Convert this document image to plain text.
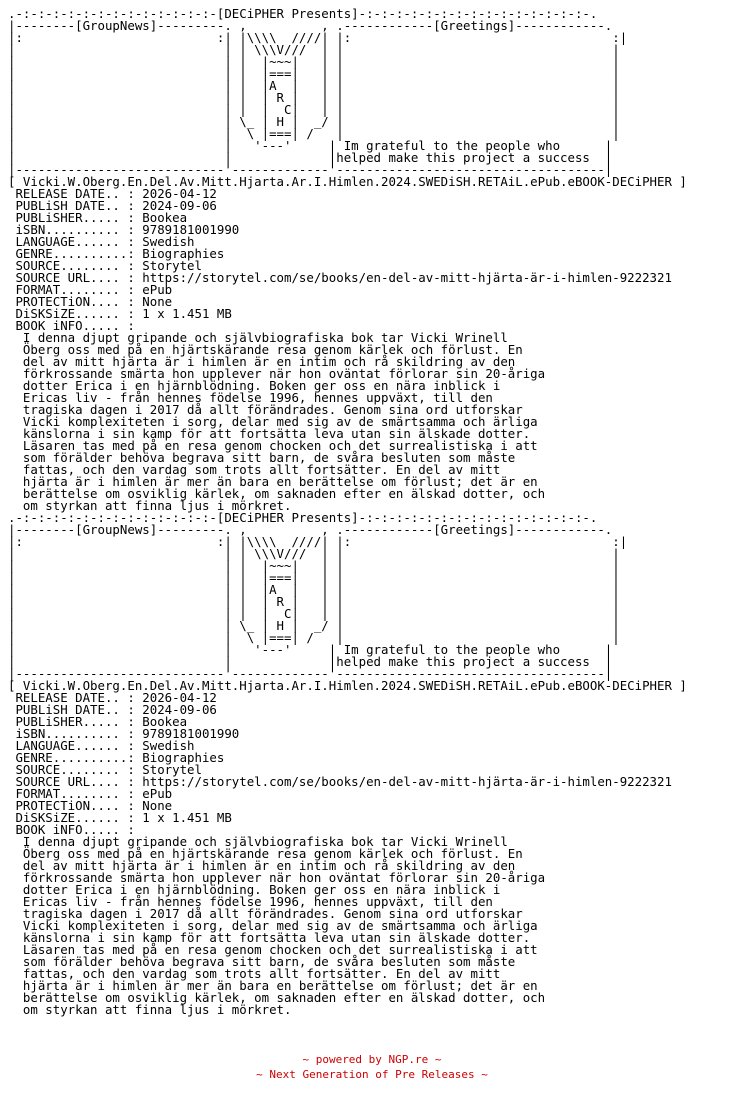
.-:-:-:-:-:-:-:-:-:-:-:-:-:-[DECiPHER Presents]-:-:-:-:-:-:-:-:-:-:-:-:-:-:-:-.
|--------[GroupNews]---------. ,          , .------------[Greetings]------------.
|:                          :| |\\\\  ////| |:                                   :|
|                            | | \\\V///  | |                                    |
|                            | |  |~~~|   | |                                    |
|                            | |  |===|   | |                                    |
|                            | |  |A  |   | |                                    |
|                            | |  | R |   | |                                    |
|                            | |  |  C|   | |                                    |
|                            | \_ | H |  _/ |                                    |
|                            |  \ |===| /   |                                    |
|                            |   '---'     | Im grateful to the people who      |
|                            |             |helped make this project a success  |
|----------------------------'-------------'------------------------------------|
[ Vicki.W.Oberg.En.Del.Av.Mitt.Hjarta.Ar.I.Himlen.2024.SWEDiSH.RETAiL.ePub.eBOOK-DECiPHER ]
RELEASE DATE.. : 2026-04-12
PUBLiSH DATE.. : 2024-09-06
PUBLiSHER..... : Bookea
iSBN.......... : 9789181001990
LANGUAGE...... : Swedish
GENRE..........: Biographies
SOURCE........ : Storytel
SOURCE URL.... : https://storytel.com/se/books/en-del-av-mitt-hjärta-är-i-himlen-9222321
FORMAT........ : ePub
PROTECTiON.... : None
DiSKSiZE...... : 1 x 1.451 MB
BOOK iNFO..... :
I denna djupt gripande och självbiografiska bok tar Vicki Wrinell
Öberg oss med på en hjärtskärande resa genom kärlek och förlust. En
del av mitt hjärta är i himlen är en intim och rå skildring av den
förkrossande smärta hon upplever när hon oväntat förlorar sin 20-åriga
dotter Erica i en hjärnblödning. Boken ger oss en nära inblick i
Ericas liv - från hennes födelse 1996, hennes uppväxt, till den
tragiska dagen i 2017 då allt förändrades. Genom sina ord utforskar
Vicki komplexiteten i sorg, delar med sig av de smärtsamma och ärliga
känslorna i sin kamp för att fortsätta leva utan sin älskade dotter.
Läsaren tas med på en resa genom chocken och det surrealistiska i att
som förälder behöva begrava sitt barn, de svåra besluten som måste
fattas, och den vardag som trots allt fortsätter. En del av mitt
hjärta är i himlen är mer än bara en berättelse om förlust; det är en
berättelse om osviklig kärlek, om saknaden efter en älskad dotter, och
om styrkan att finna ljus i mörkret.
.-:-:-:-:-:-:-:-:-:-:-:-:-:-[DECiPHER Presents]-:-:-:-:-:-:-:-:-:-:-:-:-:-:-:-.
|--------[GroupNews]---------. ,          , .------------[Greetings]------------.
|:                          :| |\\\\  ////| |:                                   :|
|                            | | \\\V///  | |                                    |
|                            | |  |~~~|   | |                                    |
|                            | |  |===|   | |                                    |
|                            | |  |A  |   | |                                    |
|                            | |  | R |   | |                                    |
|                            | |  |  C|   | |                                    |
|                            | \_ | H |  _/ |                                    |
|                            |  \ |===| /   |                                    |
|                            |   '---'     | Im grateful to the people who      |
|                            |             |helped make this project a success  |
|----------------------------'-------------'------------------------------------|
[ Vicki.W.Oberg.En.Del.Av.Mitt.Hjarta.Ar.I.Himlen.2024.SWEDiSH.RETAiL.ePub.eBOOK-DECiPHER ]
RELEASE DATE.. : 2026-04-12
PUBLiSH DATE.. : 2024-09-06
PUBLiSHER..... : Bookea
iSBN.......... : 9789181001990
LANGUAGE...... : Swedish
GENRE..........: Biographies
SOURCE........ : Storytel
SOURCE URL.... : https://storytel.com/se/books/en-del-av-mitt-hjärta-är-i-himlen-9222321
FORMAT........ : ePub
PROTECTiON.... : None
DiSKSiZE...... : 1 x 1.451 MB
BOOK iNFO..... :
I denna djupt gripande och självbiografiska bok tar Vicki Wrinell
Öberg oss med på en hjärtskärande resa genom kärlek och förlust. En
del av mitt hjärta är i himlen är en intim och rå skildring av den
förkrossande smärta hon upplever när hon oväntat förlorar sin 20-åriga
dotter Erica i en hjärnblödning. Boken ger oss en nära inblick i
Ericas liv - från hennes födelse 1996, hennes uppväxt, till den
tragiska dagen i 2017 då allt förändrades. Genom sina ord utforskar
Vicki komplexiteten i sorg, delar med sig av de smärtsamma och ärliga
känslorna i sin kamp för att fortsätta leva utan sin älskade dotter.
Läsaren tas med på en resa genom chocken och det surrealistiska i att
som förälder behöva begrava sitt barn, de svåra besluten som måste
fattas, och den vardag som trots allt fortsätter. En del av mitt
hjärta är i himlen är mer än bara en berättelse om förlust; det är en
berättelse om osviklig kärlek, om saknaden efter en älskad dotter, och
om styrkan att finna ljus i mörkret.
~ powered by NGP.re ~
~ Next Generation of Pre Releases ~
